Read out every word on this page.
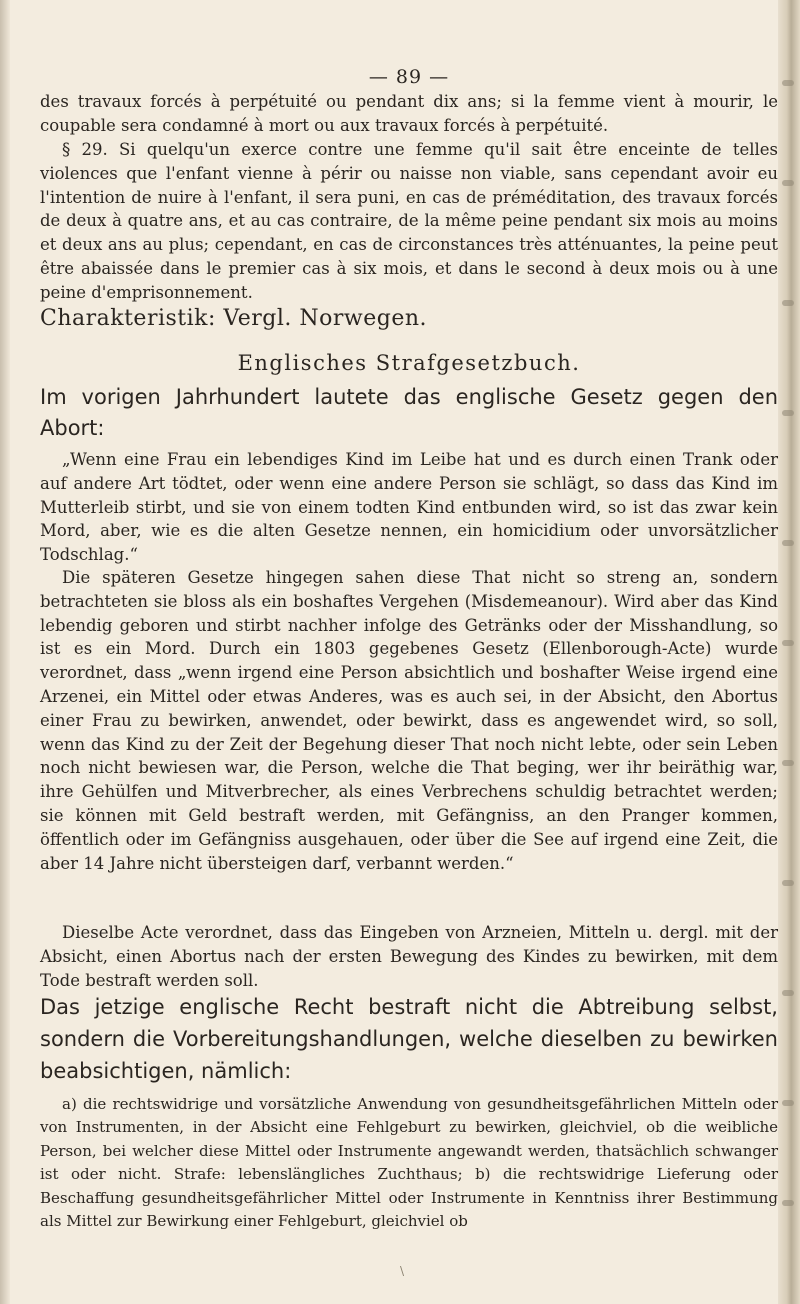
— 89 —

des travaux forcés à perpétuité ou pendant dix ans; si la femme vient à mourir, le coupable sera condamné à mort ou aux travaux forcés à perpétuité.

§ 29. Si quelqu'un exerce contre une femme qu'il sait être enceinte de telles violences que l'enfant vienne à périr ou naisse non viable, sans cependant avoir eu l'intention de nuire à l'enfant, il sera puni, en cas de préméditation, des travaux forcés de deux à quatre ans, et au cas contraire, de la même peine pendant six mois au moins et deux ans au plus; cependant, en cas de circonstances très atténuantes, la peine peut être abaissée dans le premier cas à six mois, et dans le second à deux mois ou à une peine d'emprisonnement.

Charakteristik: Vergl. Norwegen.
Englisches Strafgesetzbuch.

Im vorigen Jahrhundert lautete das englische Gesetz gegen den Abort:

„Wenn eine Frau ein lebendiges Kind im Leibe hat und es durch einen Trank oder auf andere Art tödtet, oder wenn eine andere Person sie schlägt, so dass das Kind im Mutterleib stirbt, und sie von einem todten Kind entbunden wird, so ist das zwar kein Mord, aber, wie es die alten Gesetze nennen, ein homicidium oder unvorsätzlicher Todschlag.“

Die späteren Gesetze hingegen sahen diese That nicht so streng an, sondern betrachteten sie bloss als ein boshaftes Vergehen (Misdemeanour). Wird aber das Kind lebendig geboren und stirbt nachher infolge des Getränks oder der Misshandlung, so ist es ein Mord. Durch ein 1803 gegebenes Gesetz (Ellenborough-Acte) wurde verordnet, dass „wenn irgend eine Person absichtlich und boshafter Weise irgend eine Arzenei, ein Mittel oder etwas Anderes, was es auch sei, in der Absicht, den Abortus einer Frau zu bewirken, anwendet, oder bewirkt, dass es angewendet wird, so soll, wenn das Kind zu der Zeit der Begehung dieser That noch nicht lebte, oder sein Leben noch nicht bewiesen war, die Person, welche die That beging, wer ihr beiräthig war, ihre Gehülfen und Mitverbrecher, als eines Verbrechens schuldig betrachtet werden; sie können mit Geld bestraft werden, mit Gefängniss, an den Pranger kommen, öffentlich oder im Gefängniss ausgehauen, oder über die See auf irgend eine Zeit, die aber 14 Jahre nicht übersteigen darf, verbannt werden.“

Dieselbe Acte verordnet, dass das Eingeben von Arzneien, Mitteln u. dergl. mit der Absicht, einen Abortus nach der ersten Bewegung des Kindes zu bewirken, mit dem Tode bestraft werden soll.

Das jetzige englische Recht bestraft nicht die Abtreibung selbst, sondern die Vorbereitungshandlungen, welche dieselben zu bewirken beabsichtigen, nämlich:

a) die rechtswidrige und vorsätzliche Anwendung von gesundheitsgefährlichen Mitteln oder von Instrumenten, in der Absicht eine Fehlgeburt zu bewirken, gleichviel, ob die weibliche Person, bei welcher diese Mittel oder Instrumente angewandt werden, thatsächlich schwanger ist oder nicht. Strafe: lebenslängliches Zuchthaus; b) die rechtswidrige Lieferung oder Beschaffung gesundheitsgefährlicher Mittel oder Instrumente in Kenntniss ihrer Bestimmung als Mittel zur Bewirkung einer Fehlgeburt, gleichviel ob

\
